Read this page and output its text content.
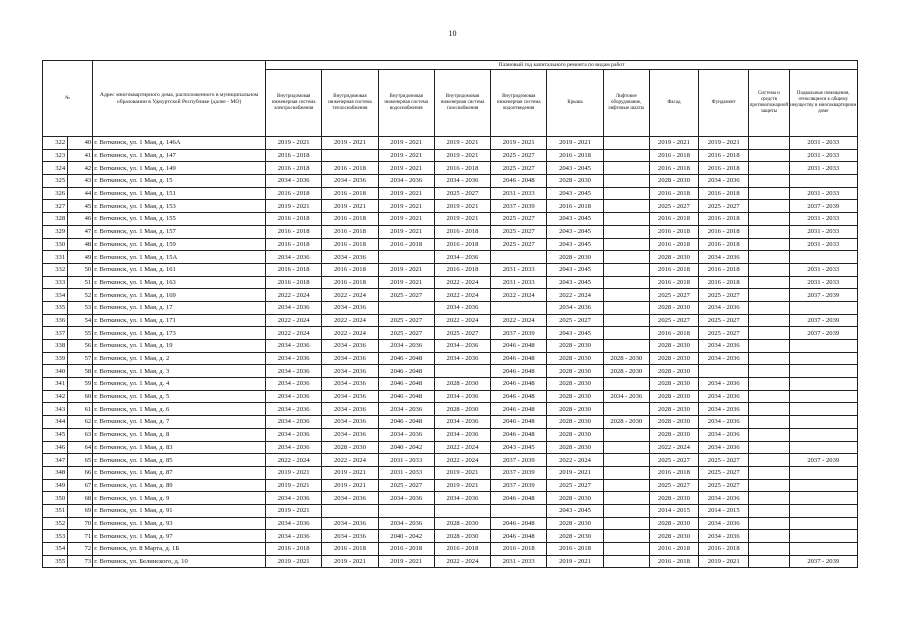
10
№		Адрес многоквартирного дома, расположенного в муниципальном образовании в Удмуртской Республике (далее - МО)	Плановый год капитального ремонта по видам работ										
			Внутридомовая инженерная система электроснабжения	Внутридомовая инженерная система теплоснабжения	Внутридомовая инженерная система водоснабжения	Внутридомовая инженерная система газоснабжения	Внутридомовая инженерная система водоотведения	Крыша	Лифтовое оборудование, лифтовые шахты	Фасад	Фундамент	Система и средств противопожарной защиты	Подвальные помещения, относящиеся к общему имуществу в многоквартирном доме
322	40	г. Воткинск, ул. 1 Мая, д. 146А	2019 - 2021	2019 - 2021	2019 - 2021	2019 - 2021	2019 - 2021	2019 - 2021		2019 - 2021	2019 - 2021		2031 - 2033
323	41	г. Воткинск, ул. 1 Мая, д. 147	2016 - 2018		2019 - 2021	2019 - 2021	2025 - 2027	2016 - 2018		2016 - 2018	2016 - 2018		2031 - 2033
324	42	г. Воткинск, ул. 1 Мая, д. 149	2016 - 2018	2016 - 2018	2019 - 2021	2016 - 2018	2025 - 2027	2043 - 2045		2016 - 2018	2016 - 2018		2031 - 2033
325	43	г. Воткинск, ул. 1 Мая, д. 15	2034 - 2036	2034 - 2036	2034 - 2036	2034 - 2036	2046 - 2048	2028 - 2030		2028 - 2030	2034 - 2036		
326	44	г. Воткинск, ул. 1 Мая, д. 151	2016 - 2018	2016 - 2018	2019 - 2021	2025 - 2027	2031 - 2033	2043 - 2045		2016 - 2018	2016 - 2018		2031 - 2033
327	45	г. Воткинск, ул. 1 Мая, д. 153	2019 - 2021	2019 - 2021	2019 - 2021	2019 - 2021	2037 - 2039	2016 - 2018		2025 - 2027	2025 - 2027		2037 - 2039
328	46	г. Воткинск, ул. 1 Мая, д. 155	2016 - 2018	2016 - 2018	2019 - 2021	2019 - 2021	2025 - 2027	2043 - 2045		2016 - 2018	2016 - 2018		2031 - 2033
329	47	г. Воткинск, ул. 1 Мая, д. 157	2016 - 2018	2016 - 2018	2019 - 2021	2016 - 2018	2025 - 2027	2043 - 2045		2016 - 2018	2016 - 2018		2031 - 2033
330	48	г. Воткинск, ул. 1 Мая, д. 159	2016 - 2018	2016 - 2018	2016 - 2018	2016 - 2018	2025 - 2027	2043 - 2045		2016 - 2018	2016 - 2018		2031 - 2033
331	49	г. Воткинск, ул. 1 Мая, д. 15А	2034 - 2036	2034 - 2036		2034 - 2036		2028 - 2030		2028 - 2030	2034 - 2036		
332	50	г. Воткинск, ул. 1 Мая, д. 161	2016 - 2018	2016 - 2018	2019 - 2021	2016 - 2018	2031 - 2033	2043 - 2045		2016 - 2018	2016 - 2018		2031 - 2033
333	51	г. Воткинск, ул. 1 Мая, д. 163	2016 - 2018	2016 - 2018	2019 - 2021	2022 - 2024	2031 - 2033	2043 - 2045		2016 - 2018	2016 - 2018		2031 - 2033
334	52	г. Воткинск, ул. 1 Мая, д. 169	2022 - 2024	2022 - 2024	2025 - 2027	2022 - 2024	2022 - 2024	2022 - 2024		2025 - 2027	2025 - 2027		2037 - 2039
335	53	г. Воткинск, ул. 1 Мая, д. 17	2034 - 2036	2034 - 2036		2034 - 2036		2034 - 2036		2028 - 2030	2034 - 2036		
336	54	г. Воткинск, ул. 1 Мая, д. 171	2022 - 2024	2022 - 2024	2025 - 2027	2022 - 2024	2022 - 2024	2025 - 2027		2025 - 2027	2025 - 2027		2037 - 2039
337	55	г. Воткинск, ул. 1 Мая, д. 173	2022 - 2024	2022 - 2024	2025 - 2027	2025 - 2027	2037 - 2039	2043 - 2045		2016 - 2018	2025 - 2027		2037 - 2039
338	56	г. Воткинск, ул. 1 Мая, д. 19	2034 - 2036	2034 - 2036	2034 - 2036	2034 - 2036	2046 - 2048	2028 - 2030		2028 - 2030	2034 - 2036		
339	57	г. Воткинск, ул. 1 Мая, д. 2	2034 - 2036	2034 - 2036	2046 - 2048	2034 - 2036	2046 - 2048	2028 - 2030	2028 - 2030	2028 - 2030	2034 - 2036		
340	58	г. Воткинск, ул. 1 Мая, д. 3	2034 - 2036	2034 - 2036	2046 - 2048		2046 - 2048	2028 - 2030	2028 - 2030	2028 - 2030			
341	59	г. Воткинск, ул. 1 Мая, д. 4	2034 - 2036	2034 - 2036	2046 - 2048	2028 - 2030	2046 - 2048	2028 - 2030		2028 - 2030	2034 - 2036		
342	60	г. Воткинск, ул. 1 Мая, д. 5	2034 - 2036	2034 - 2036	2046 - 2048	2034 - 2036	2046 - 2048	2028 - 2030	2034 - 2036	2028 - 2030	2034 - 2036		
343	61	г. Воткинск, ул. 1 Мая, д. 6	2034 - 2036	2034 - 2036	2034 - 2036	2028 - 2030	2046 - 2048	2028 - 2030		2028 - 2030	2034 - 2036		
344	62	г. Воткинск, ул. 1 Мая, д. 7	2034 - 2036	2034 - 2036	2046 - 2048	2034 - 2036	2046 - 2048	2028 - 2030	2028 - 2030	2028 - 2030	2034 - 2036		
345	63	г. Воткинск, ул. 1 Мая, д. 8	2034 - 2036	2034 - 2036	2034 - 2036	2034 - 2036	2046 - 2048	2028 - 2030		2028 - 2030	2034 - 2036		
346	64	г. Воткинск, ул. 1 Мая, д. 83	2034 - 2036	2028 - 2030	2040 - 2042	2022 - 2024	2043 - 2045	2028 - 2030		2022 - 2024	2034 - 2036		
347	65	г. Воткинск, ул. 1 Мая, д. 85	2022 - 2024	2022 - 2024	2031 - 2033	2022 - 2024	2037 - 2039	2022 - 2024		2025 - 2027	2025 - 2027		2037 - 2039
348	66	г. Воткинск, ул. 1 Мая, д. 87	2019 - 2021	2019 - 2021	2031 - 2033	2019 - 2021	2037 - 2039	2019 - 2021		2016 - 2018	2025 - 2027		
349	67	г. Воткинск, ул. 1 Мая, д. 89	2019 - 2021	2019 - 2021	2025 - 2027	2019 - 2021	2037 - 2039	2025 - 2027		2025 - 2027	2025 - 2027		
350	68	г. Воткинск, ул. 1 Мая, д. 9	2034 - 2036	2034 - 2036	2034 - 2036	2034 - 2036	2046 - 2048	2028 - 2030		2028 - 2030	2034 - 2036		
351	69	г. Воткинск, ул. 1 Мая, д. 91	2019 - 2021					2043 - 2045		2014 - 2015	2014 - 2015		
352	70	г. Воткинск, ул. 1 Мая, д. 93	2034 - 2036	2034 - 2036	2034 - 2036	2028 - 2030	2046 - 2048	2028 - 2030		2028 - 2030	2034 - 2036		
353	71	г. Воткинск, ул. 1 Мая, д. 97	2034 - 2036	2034 - 2036	2040 - 2042	2028 - 2030	2046 - 2048	2028 - 2030		2028 - 2030	2034 - 2036		
354	72	г. Воткинск, ул. 8 Марта, д. 1Б	2016 - 2018	2016 - 2018	2016 - 2018	2016 - 2018	2016 - 2018	2016 - 2018		2016 - 2018	2016 - 2018		
355	73	г. Воткинск, ул. Белинского, д. 10	2019 - 2021	2019 - 2021	2019 - 2021	2022 - 2024	2031 - 2033	2019 - 2021		2016 - 2018	2019 - 2021		2037 - 2039
